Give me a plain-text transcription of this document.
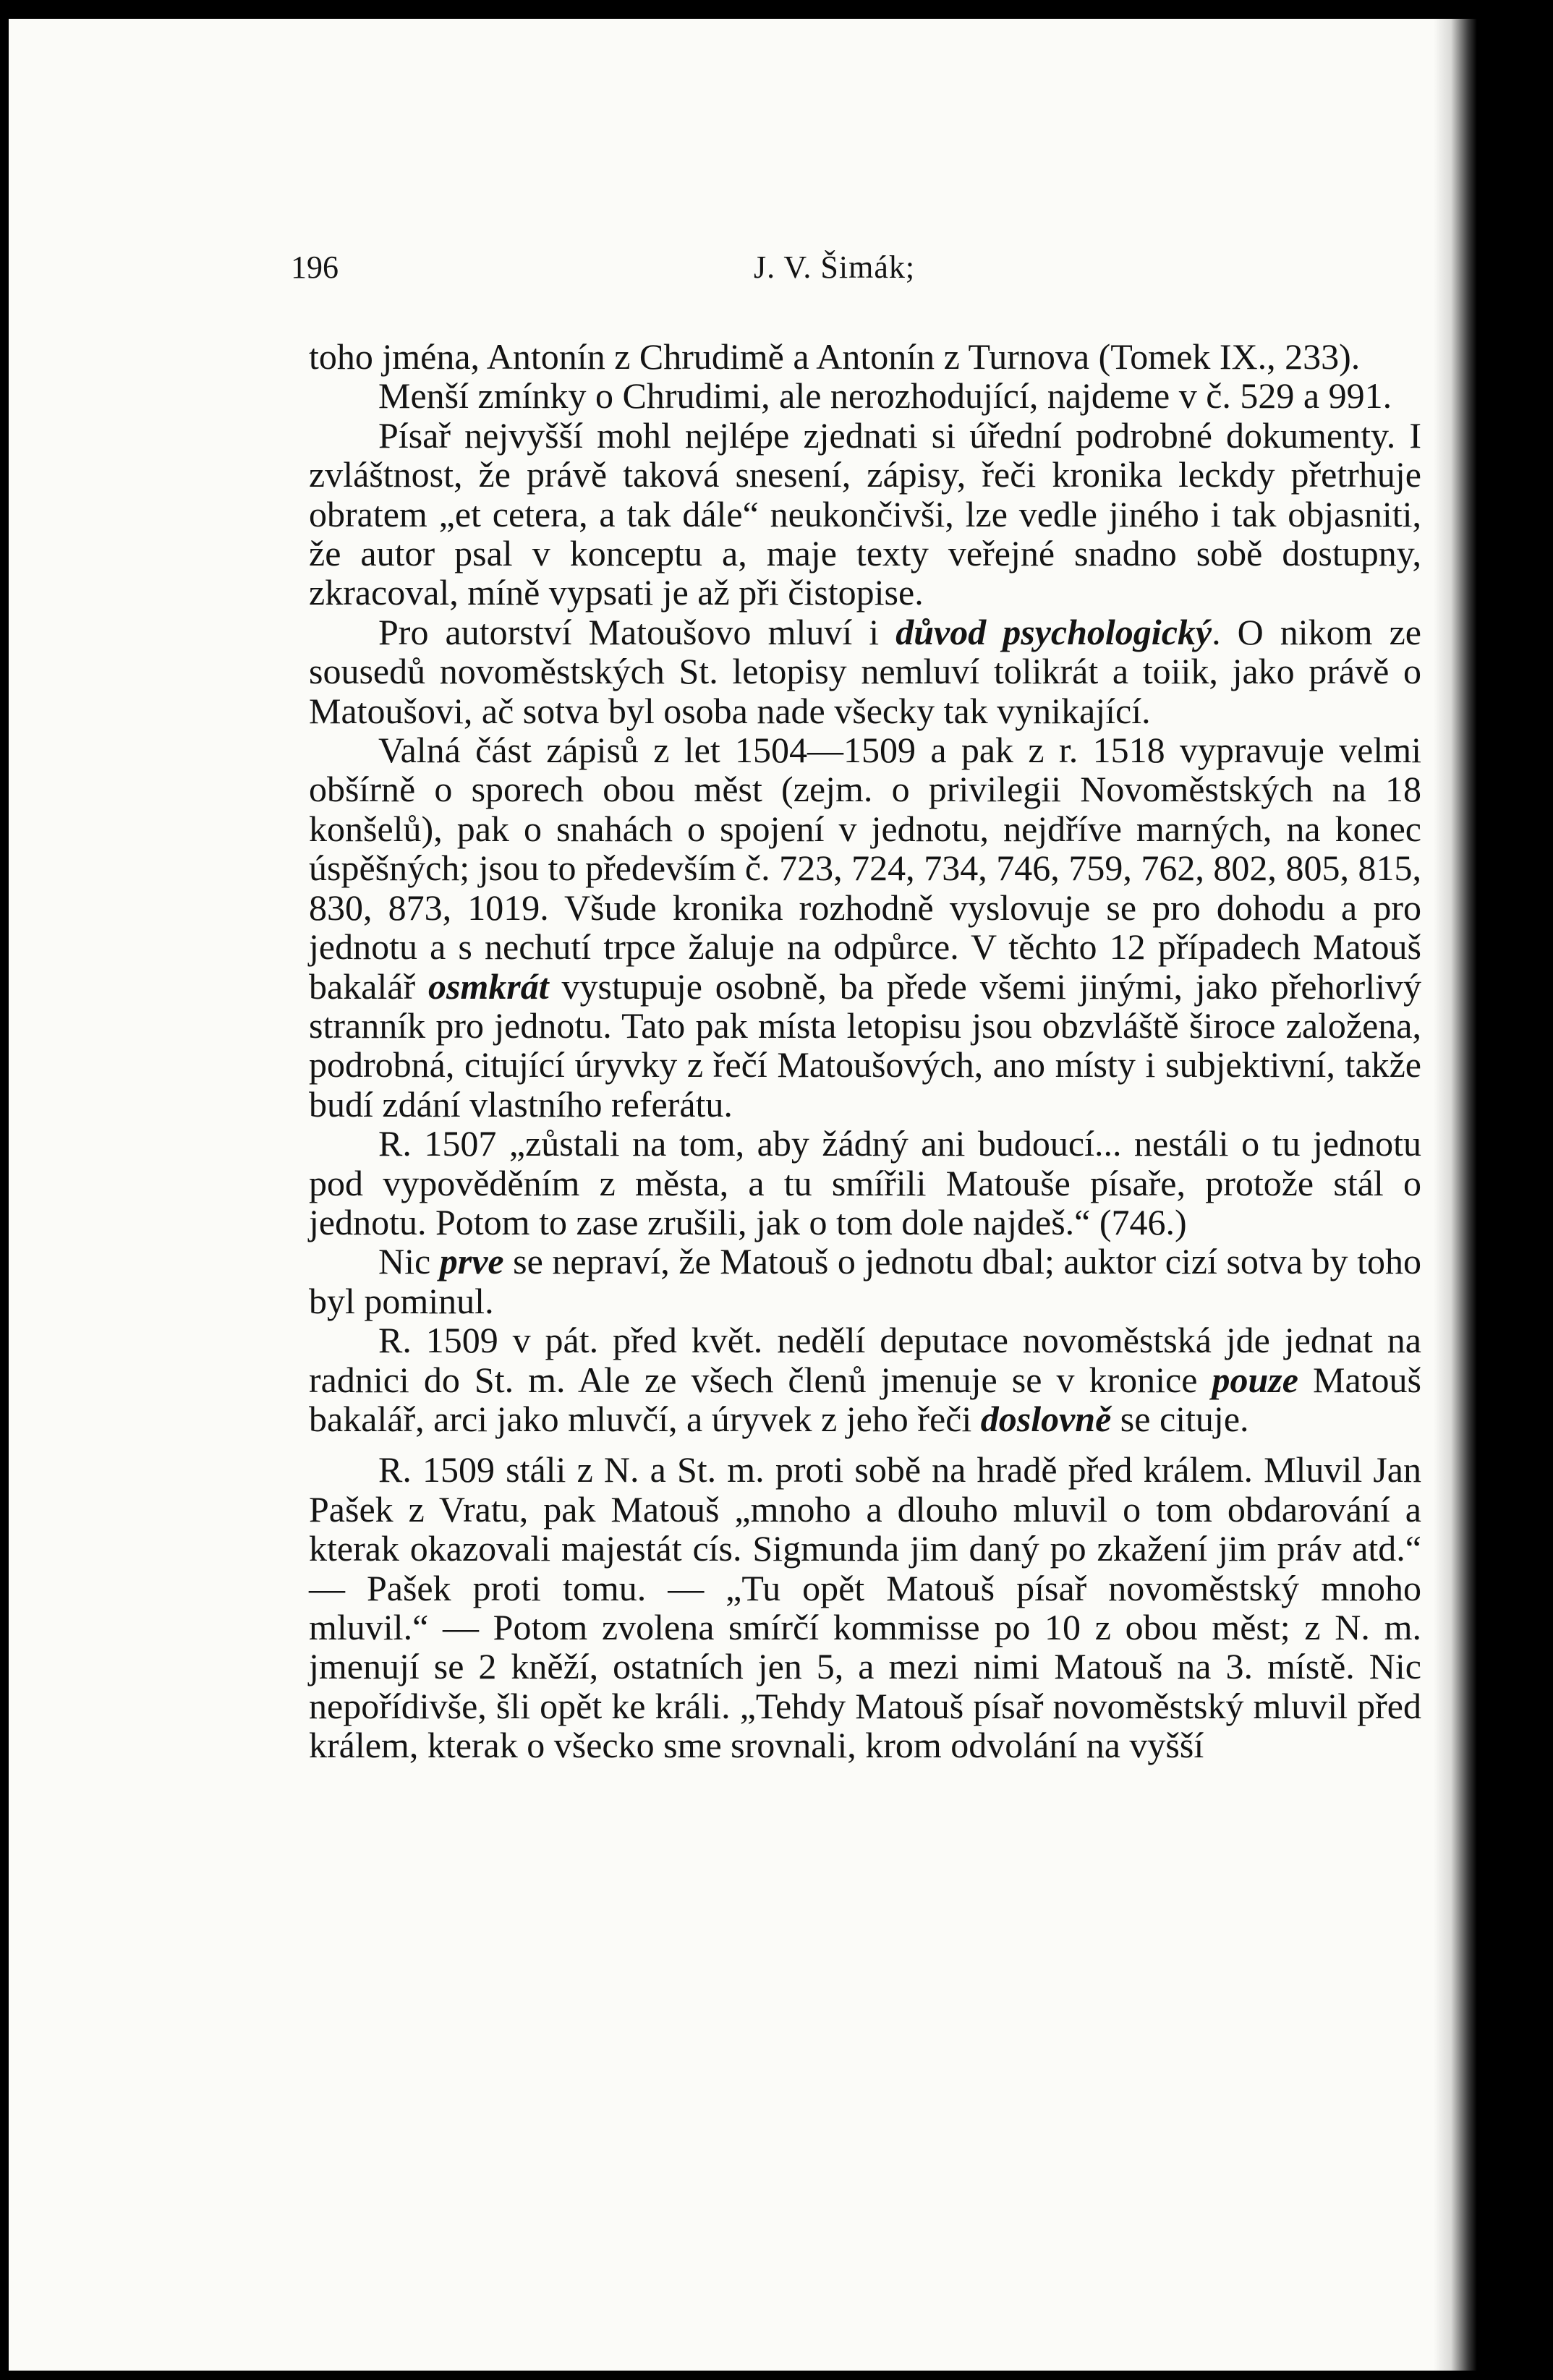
196	J. V. Šimák;

toho jména, Antonín z Chrudimě a Antonín z Turnova (Tomek IX., 233).

Menší zmínky o Chrudimi, ale nerozhodující, najdeme v č. 529 a 991.

Písař nejvyšší mohl nejlépe zjednati si úřední podrobné dokumenty. I zvláštnost, že právě taková snesení, zápisy, řeči kronika leckdy přetrhuje obratem „et cetera, a tak dále“ neukončivši, lze vedle jiného i tak objasniti, že autor psal v konceptu a, maje texty veřejné snadno sobě dostupny, zkracoval, míně vypsati je až při čistopise.

Pro autorství Matoušovo mluví i důvod psychologický. O nikom ze sousedů novoměstských St. letopisy nemluví tolikrát a toiik, jako právě o Matoušovi, ač sotva byl osoba nade všecky tak vynikající.

Valná část zápisů z let 1504—1509 a pak z r. 1518 vypravuje velmi obšírně o sporech obou měst (zejm. o privilegii Novoměstských na 18 konšelů), pak o snahách o spojení v jednotu, nejdříve marných, na konec úspěšných; jsou to především č. 723, 724, 734, 746, 759, 762, 802, 805, 815, 830, 873, 1019. Všude kronika rozhodně vyslovuje se pro dohodu a pro jednotu a s nechutí trpce žaluje na odpůrce. V těchto 12 případech Matouš bakalář osmkrát vystupuje osobně, ba přede všemi jinými, jako přehorlivý stranník pro jednotu. Tato pak místa letopisu jsou obzvláště široce založena, podrobná, citující úryvky z řečí Matoušových, ano místy i subjektivní, takže budí zdání vlastního referátu.

R. 1507 „zůstali na tom, aby žádný ani budoucí... nestáli o tu jednotu pod vypověděním z města, a tu smířili Matouše písaře, protože stál o jednotu. Potom to zase zrušili, jak o tom dole najdeš.“ (746.)

Nic prve se nepraví, že Matouš o jednotu dbal; auktor cizí sotva by toho byl pominul.

R. 1509 v pát. před květ. nedělí deputace novoměstská jde jednat na radnici do St. m. Ale ze všech členů jmenuje se v kronice pouze Matouš bakalář, arci jako mluvčí, a úryvek z jeho řeči doslovně se cituje.

R. 1509 stáli z N. a St. m. proti sobě na hradě před králem. Mluvil Jan Pašek z Vratu, pak Matouš „mnoho a dlouho mluvil o tom obdarování a kterak okazovali majestát cís. Sigmunda jim daný po zkažení jim práv atd.“ — Pašek proti tomu. — „Tu opět Matouš písař novoměstský mnoho mluvil.“ — Potom zvolena smírčí kommisse po 10 z obou měst; z N. m. jmenují se 2 kněží, ostatních jen 5, a mezi nimi Matouš na 3. místě. Nic nepořídivše, šli opět ke králi. „Tehdy Matouš písař novoměstský mluvil před králem, kterak o všecko sme srovnali, krom odvolání na vyšší
